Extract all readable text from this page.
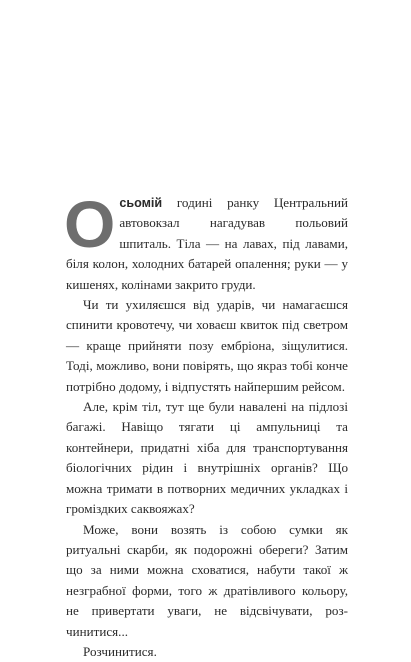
Осьомій годині ранку Центральний автовокзал нагадував польовий шпиталь. Тіла — на лавах, під лавами, біля колон, холодних батарей опалення; руки — у кишенях, колінами закрито груди.

Чи ти ухиляєшся від ударів, чи намагаєшся спинити кровотечу, чи ховаєш квиток під светром — краще прийняти позу ембріона, зіщулитися. Тоді, можливо, вони повірять, що якраз тобі конче потрібно додому, і відпустять найпершим рейсом.

Але, крім тіл, тут ще були навалені на підлозі багажі. Навіщо тягати ці ампульниці та контейнери, придатні хіба для транспортування біологічних рідин і внутрішніх органів? Що можна тримати в потворних медичних укладках і громіздких саквояжах?

Може, вони возять із собою сумки як ритуальні скарби, як подорожні обереги? Затим що за ними можна сховатися, набути такої ж незграбної форми, того ж дратівливого кольору, не привертати уваги, не відсвічувати, розчинитися...

Розчинитися.
